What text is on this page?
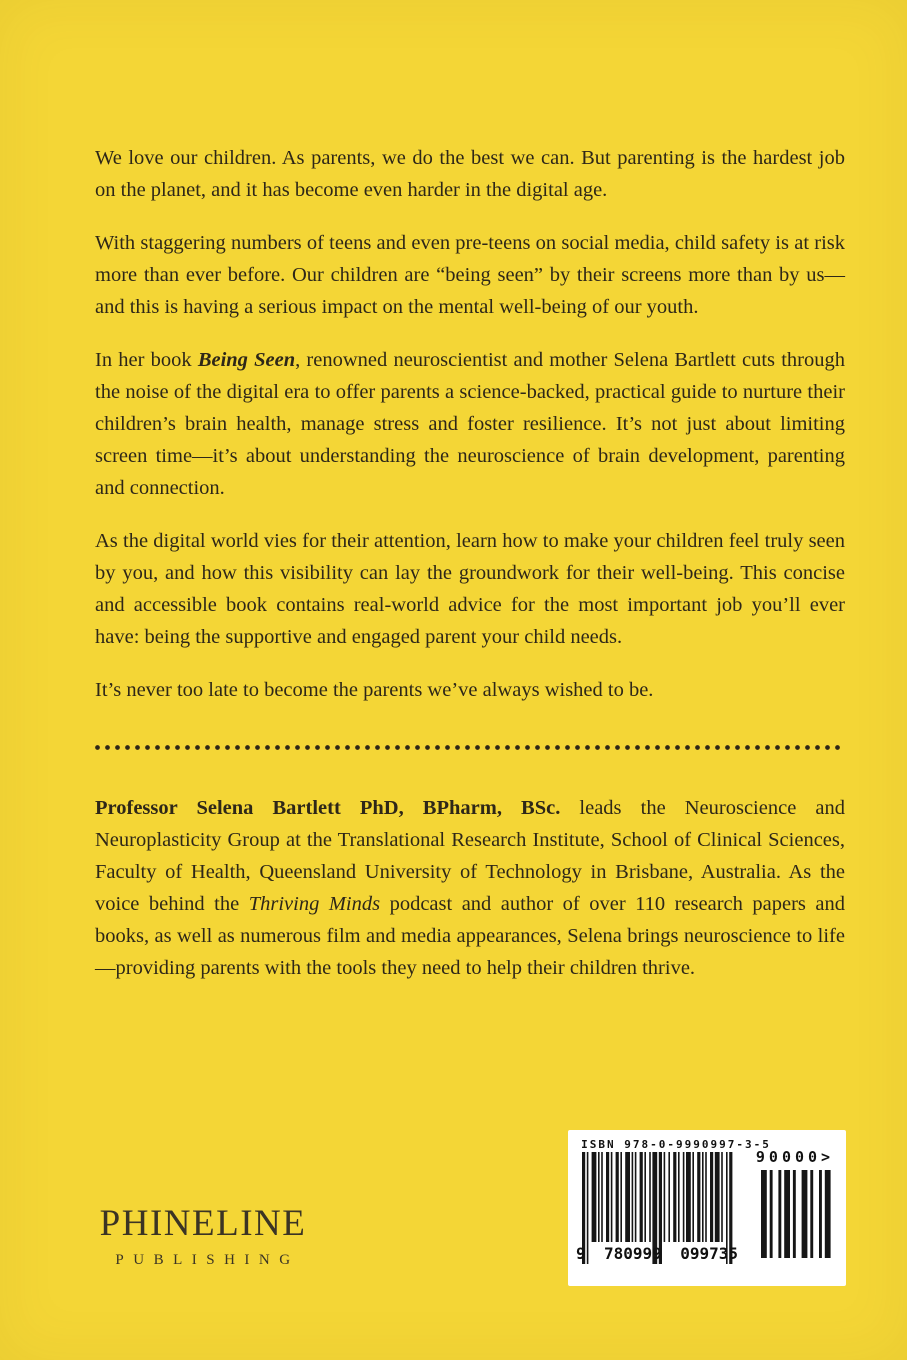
We love our children. As parents, we do the best we can. But parenting is the hardest job on the planet, and it has become even harder in the digital age.

With staggering numbers of teens and even pre-teens on social media, child safety is at risk more than ever before. Our children are “being seen” by their screens more than by us—and this is having a serious impact on the mental well-being of our youth.

In her book Being Seen, renowned neuroscientist and mother Selena Bartlett cuts through the noise of the digital era to offer parents a science-backed, practical guide to nurture their children’s brain health, manage stress and foster resilience. It’s not just about limiting screen time—it’s about understanding the neuroscience of brain development, parenting and connection.

As the digital world vies for their attention, learn how to make your children feel truly seen by you, and how this visibility can lay the groundwork for their well-being. This concise and accessible book contains real-world advice for the most important job you’ll ever have: being the supportive and engaged parent your child needs.

It’s never too late to become the parents we’ve always wished to be.

Professor Selena Bartlett PhD, BPharm, BSc. leads the Neuroscience and Neuroplasticity Group at the Translational Research Institute, School of Clinical Sciences, Faculty of Health, Queensland University of Technology in Brisbane, Australia. As the voice behind the Thriving Minds podcast and author of over 110 research papers and books, as well as numerous film and media appearances, Selena brings neuroscience to life—providing parents with the tools they need to help their children thrive.

PHINELINE
PUBLISHING
ISBN 978-0-9990997-3-5
9 780999 099735
90000>
